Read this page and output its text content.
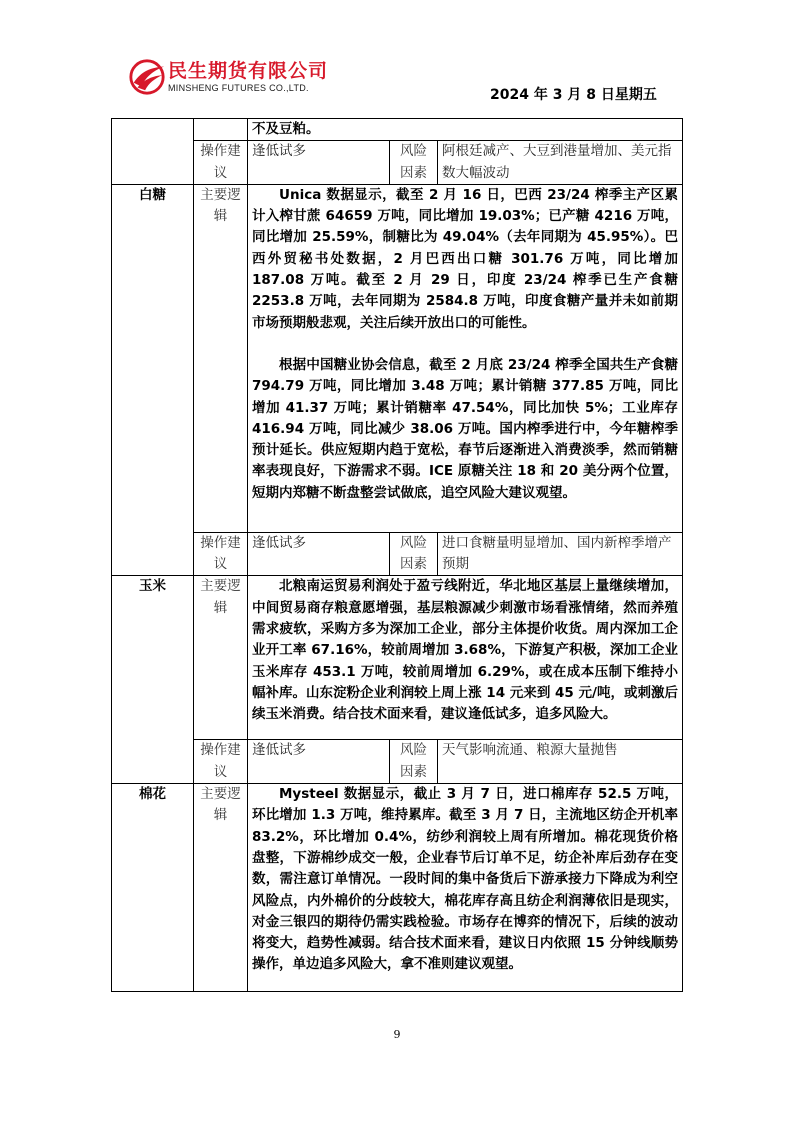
民生期货有限公司
MINSHENG FUTURES CO.,LTD.	2024 年 3 月 8 日星期五
		不及豆粕。		
	操作建议	逢低试多	风险因素	阿根廷减产、大豆到港量增加、美元指数大幅波动
白糖	主要逻辑	Unica 数据显示，截至 2 月 16 日，巴西 23/24 榨季主产区累计入榨甘蔗 64659 万吨，同比增加 19.03%；已产糖 4216 万吨，同比增加 25.59%，制糖比为 49.04%（去年同期为 45.95%）。巴西外贸秘书处数据，2 月巴西出口糖 301.76 万吨，同比增加 187.08 万吨。截至 2 月 29 日，印度 23/24 榨季已生产食糖 2253.8 万吨，去年同期为 2584.8 万吨，印度食糖产量并未如前期市场预期般悲观，关注后续开放出口的可能性。

根据中国糖业协会信息，截至 2 月底 23/24 榨季全国共生产食糖 794.79 万吨，同比增加 3.48 万吨；累计销糖 377.85 万吨，同比增加 41.37 万吨；累计销糖率 47.54%，同比加快 5%；工业库存 416.94 万吨，同比减少 38.06 万吨。国内榨季进行中，今年糖榨季预计延长。供应短期内趋于宽松，春节后逐渐进入消费淡季，然而销糖率表现良好，下游需求不弱。ICE 原糖关注 18 和 20 美分两个位置，短期内郑糖不断盘整尝试做底，追空风险大建议观望。		

	操作建议	逢低试多	风险因素	进口食糖量明显增加、国内新榨季增产预期
玉米	主要逻辑	北粮南运贸易利润处于盈亏线附近，华北地区基层上量继续增加，中间贸易商存粮意愿增强，基层粮源减少刺激市场看涨情绪，然而养殖需求疲软，采购方多为深加工企业，部分主体提价收货。周内深加工企业开工率 67.16%，较前周增加 3.68%，下游复产积极，深加工企业玉米库存 453.1 万吨，较前周增加 6.29%，或在成本压制下维持小幅补库。山东淀粉企业利润较上周上涨 14 元来到 45 元/吨，或刺激后续玉米消费。结合技术面来看，建议逢低试多，追多风险大。		

	操作建议	逢低试多	风险因素	天气影响流通、粮源大量抛售
棉花	主要逻辑	Mysteel 数据显示，截止 3 月 7 日，进口棉库存 52.5 万吨，环比增加 1.3 万吨，维持累库。截至 3 月 7 日，主流地区纺企开机率 83.2%，环比增加 0.4%，纺纱利润较上周有所增加。棉花现货价格盘整，下游棉纱成交一般，企业春节后订单不足，纺企补库后劲存在变数，需注意订单情况。一段时间的集中备货后下游承接力下降成为利空风险点，内外棉价的分歧较大，棉花库存高且纺企利润薄依旧是现实，对金三银四的期待仍需实践检验。市场存在博弈的情况下，后续的波动将变大，趋势性减弱。结合技术面来看，建议日内依照 15 分钟线顺势操作，单边追多风险大，拿不准则建议观望。		

9
